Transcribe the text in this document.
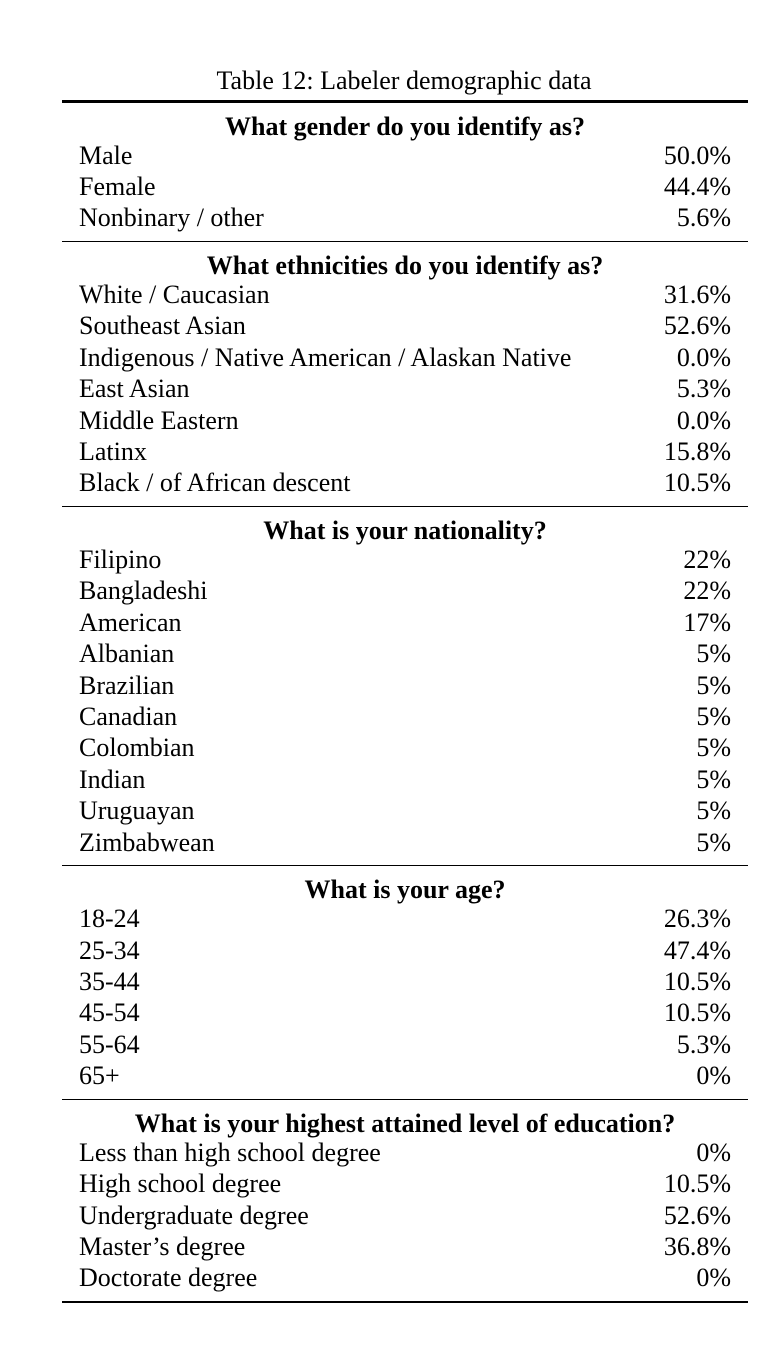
Table 12: Labeler demographic data
What gender do you identify as?
Male	50.0%
Female	44.4%
Nonbinary / other	5.6%
What ethnicities do you identify as?
White / Caucasian	31.6%
Southeast Asian	52.6%
Indigenous / Native American / Alaskan Native	0.0%
East Asian	5.3%
Middle Eastern	0.0%
Latinx	15.8%
Black / of African descent	10.5%
What is your nationality?
Filipino	22%
Bangladeshi	22%
American	17%
Albanian	5%
Brazilian	5%
Canadian	5%
Colombian	5%
Indian	5%
Uruguayan	5%
Zimbabwean	5%
What is your age?
18-24	26.3%
25-34	47.4%
35-44	10.5%
45-54	10.5%
55-64	5.3%
65+	0%
What is your highest attained level of education?
Less than high school degree	0%
High school degree	10.5%
Undergraduate degree	52.6%
Master’s degree	36.8%
Doctorate degree	0%
